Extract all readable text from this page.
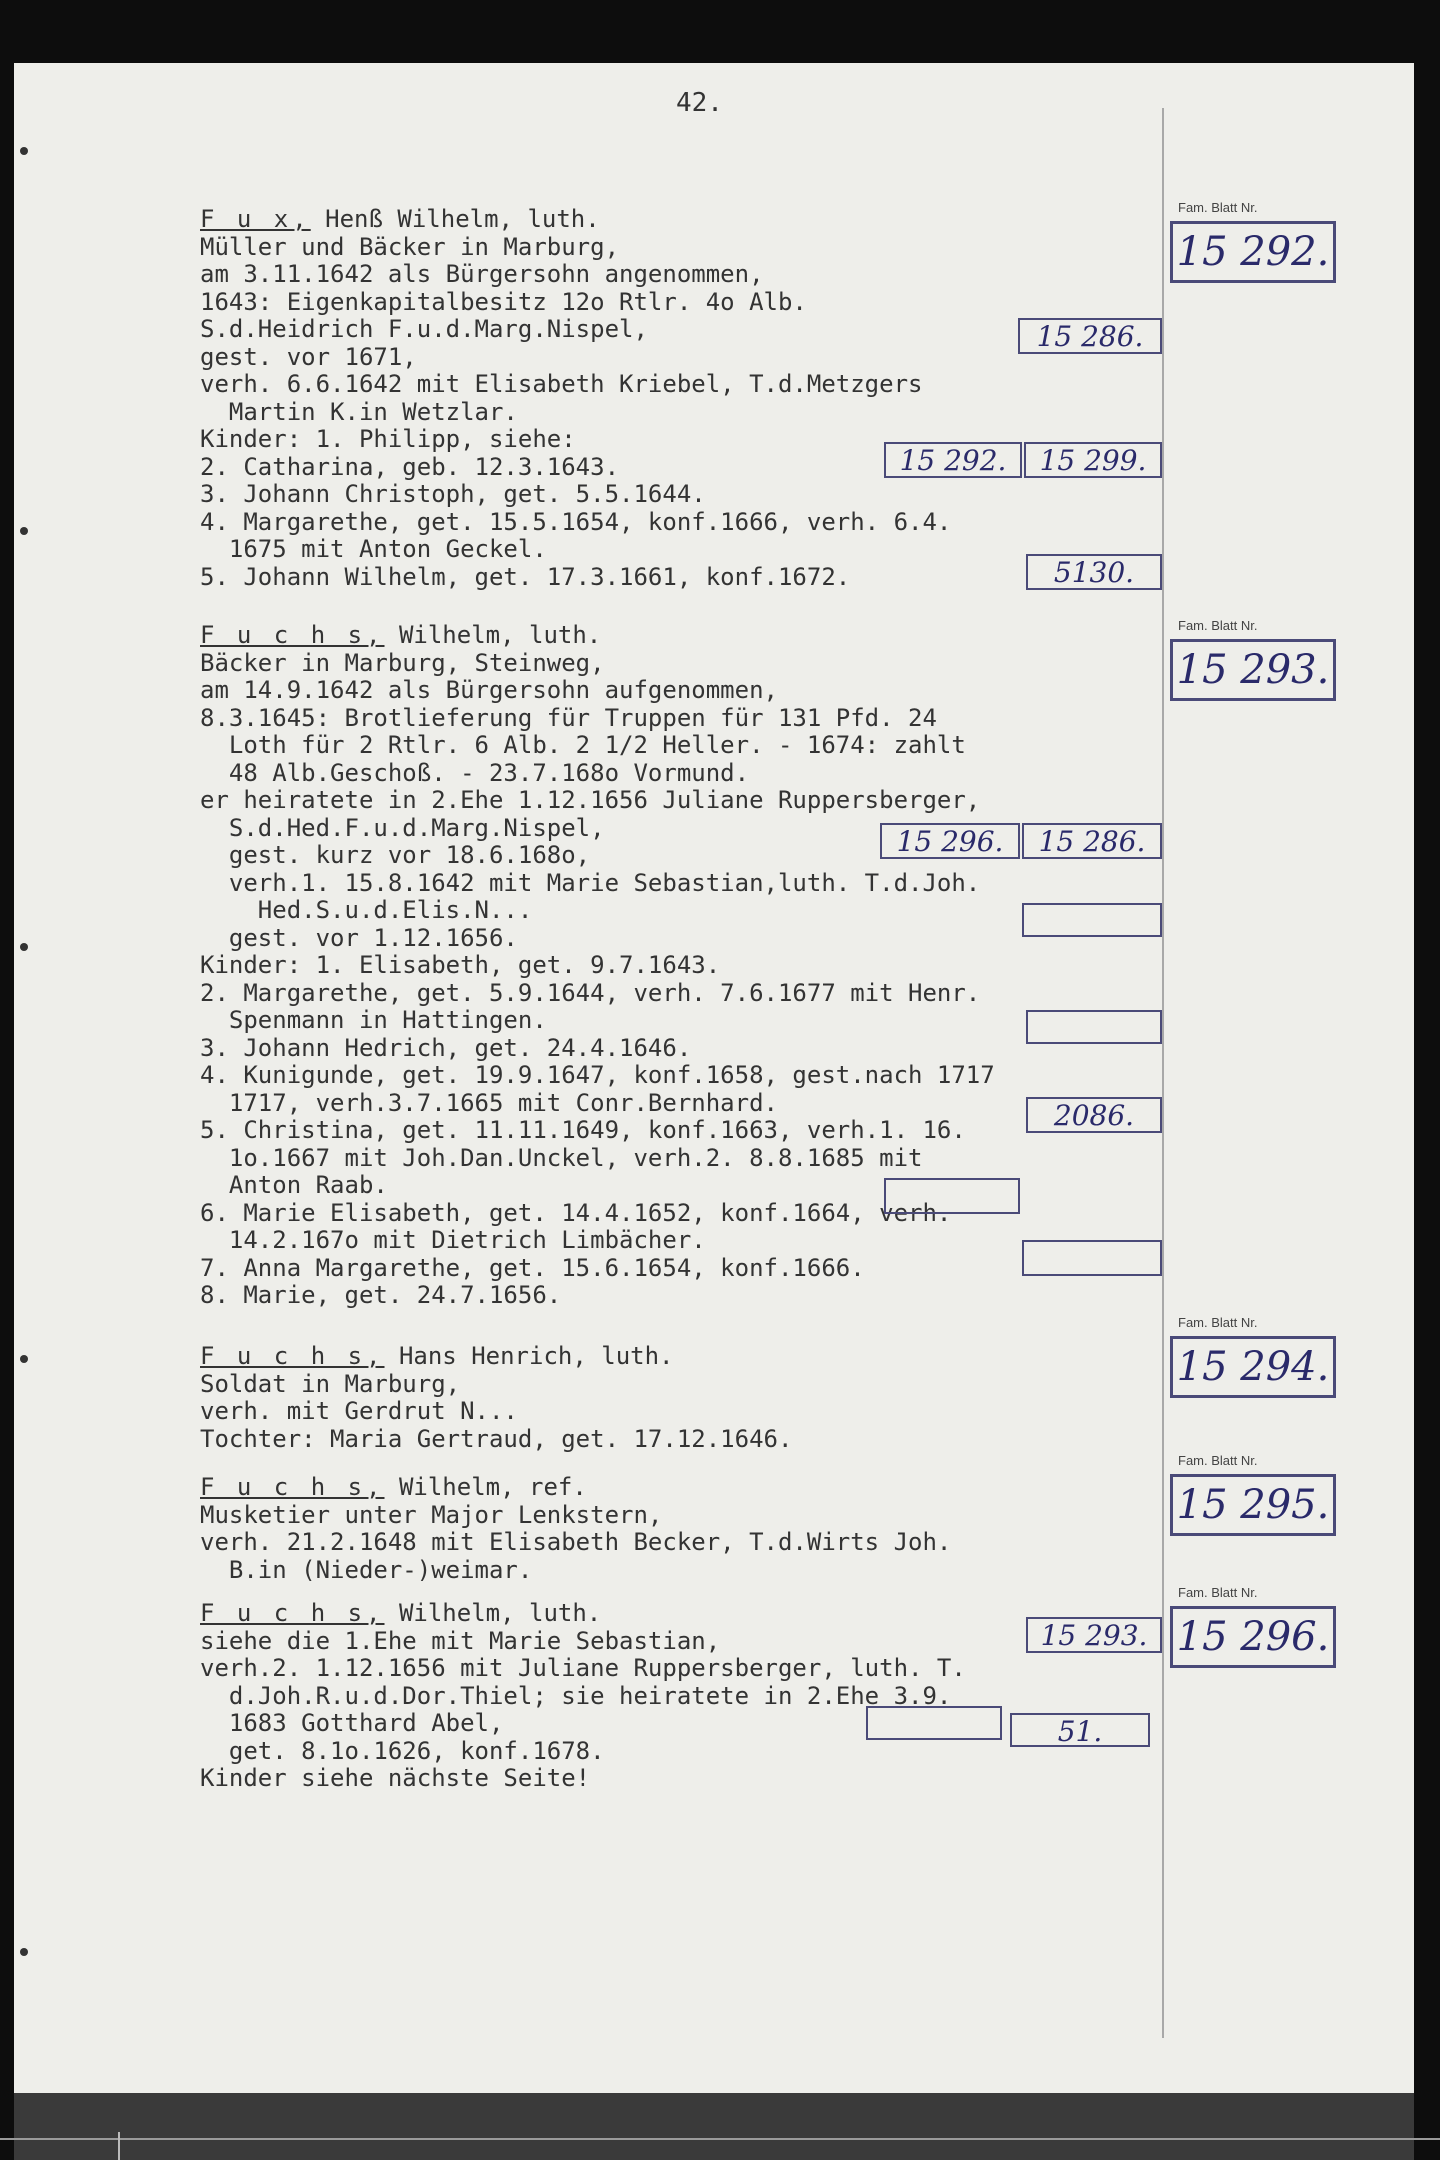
42.
F u x, Henß Wilhelm, luth.
Müller und Bäcker in Marburg,
am 3.11.1642 als Bürgersohn angenommen,
1643: Eigenkapitalbesitz 12o Rtlr. 4o Alb.
S.d.Heidrich F.u.d.Marg.Nispel,
gest. vor 1671,
verh. 6.6.1642 mit Elisabeth Kriebel, T.d.Metzgers
Martin K.in Wetzlar.
Kinder: 1. Philipp, siehe:
2. Catharina, geb. 12.3.1643.
3. Johann Christoph, get. 5.5.1644.
4. Margarethe, get. 15.5.1654, konf.1666, verh. 6.4.
1675 mit Anton Geckel.
5. Johann Wilhelm, get. 17.3.1661, konf.1672.
F u c h s, Wilhelm, luth.
Bäcker in Marburg, Steinweg,
am 14.9.1642 als Bürgersohn aufgenommen,
8.3.1645: Brotlieferung für Truppen für 131 Pfd. 24
Loth für 2 Rtlr. 6 Alb. 2 1/2 Heller. - 1674: zahlt
48 Alb.Geschoß. - 23.7.168o Vormund.
er heiratete in 2.Ehe 1.12.1656 Juliane Ruppersberger,
S.d.Hed.F.u.d.Marg.Nispel,
gest. kurz vor 18.6.168o,
verh.1. 15.8.1642 mit Marie Sebastian,luth. T.d.Joh.
Hed.S.u.d.Elis.N...
gest. vor 1.12.1656.
Kinder: 1. Elisabeth, get. 9.7.1643.
2. Margarethe, get. 5.9.1644, verh. 7.6.1677 mit Henr.
Spenmann in Hattingen.
3. Johann Hedrich, get. 24.4.1646.
4. Kunigunde, get. 19.9.1647, konf.1658, gest.nach 1717
1717, verh.3.7.1665 mit Conr.Bernhard.
5. Christina, get. 11.11.1649, konf.1663, verh.1. 16.
1o.1667 mit Joh.Dan.Unckel, verh.2. 8.8.1685 mit
Anton Raab.
6. Marie Elisabeth, get. 14.4.1652, konf.1664, verh.
14.2.167o mit Dietrich Limbächer.
7. Anna Margarethe, get. 15.6.1654, konf.1666.
8. Marie, get. 24.7.1656.
F u c h s, Hans Henrich, luth.
Soldat in Marburg,
verh. mit Gerdrut N...
Tochter: Maria Gertraud, get. 17.12.1646.
F u c h s, Wilhelm, ref.
Musketier unter Major Lenkstern,
verh. 21.2.1648 mit Elisabeth Becker, T.d.Wirts Joh.
B.in (Nieder-)weimar.
F u c h s, Wilhelm, luth.
siehe die 1.Ehe mit Marie Sebastian,
verh.2. 1.12.1656 mit Juliane Ruppersberger, luth. T.
d.Joh.R.u.d.Dor.Thiel; sie heiratete in 2.Ehe 3.9.
1683 Gotthard Abel,
get. 8.1o.1626, konf.1678.
Kinder siehe nächste Seite!
15 286.
15 292.	15 299.
5130.
15 296.	15 286.
2086.
15 293.
51.
Fam. Blatt Nr.
15 292.
Fam. Blatt Nr.
15 293.
Fam. Blatt Nr.
15 294.
Fam. Blatt Nr.
15 295.
Fam. Blatt Nr.
15 296.
